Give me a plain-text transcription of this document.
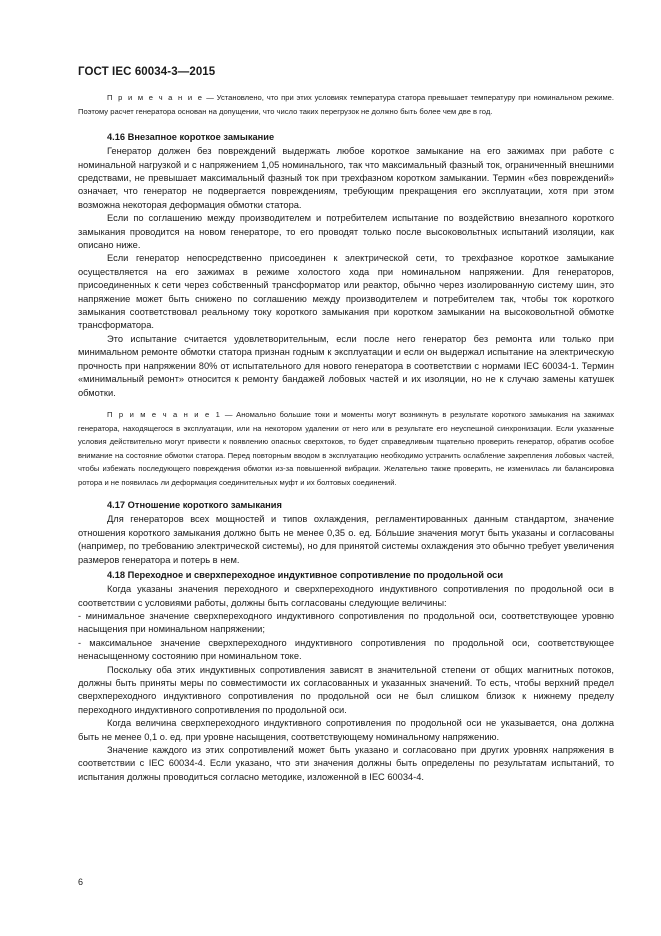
ГОСТ IEC 60034-3—2015

П р и м е ч а н и е — Установлено, что при этих условиях температура статора превышает температуру при номинальном режиме. Поэтому расчет генератора основан на допущении, что число таких перегрузок не должно быть более чем две в год.

4.16 Внезапное короткое замыкание

Генератор должен без повреждений выдержать любое короткое замыкание на его зажимах при работе с номинальной нагрузкой и с напряжением 1,05 номинального, так что максимальный фазный ток, ограниченный внешними средствами, не превышает максимальный фазный ток при трехфазном коротком замыкании. Термин «без повреждений» означает, что генератор не подвергается повреждениям, требующим прекращения его эксплуатации, хотя при этом возможна некоторая деформация обмотки статора.

Если по соглашению между производителем и потребителем испытание по воздействию внезапного короткого замыкания проводится на новом генераторе, то его проводят только после высоковольтных испытаний изоляции, как описано ниже.

Если генератор непосредственно присоединен к электрической сети, то трехфазное короткое замыкание осуществляется на его зажимах в режиме холостого хода при номинальном напряжении. Для генераторов, присоединенных к сети через собственный трансформатор или реактор, обычно через изолированную систему шин, это напряжение может быть снижено по соглашению между производителем и потребителем так, чтобы ток короткого замыкания соответствовал реальному току короткого замыкания при коротком замыкании на высоковольтной обмотке трансформатора.

Это испытание считается удовлетворительным, если после него генератор без ремонта или только при минимальном ремонте обмотки статора признан годным к эксплуатации и если он выдержал испытание на электрическую прочность при напряжении 80% от испытательного для нового генератора в соответствии с нормами IEC 60034-1. Термин «минимальный ремонт» относится к ремонту бандажей лобовых частей и их изоляции, но не к случаю замены катушек обмотки.

П р и м е ч а н и е 1 — Аномально большие токи и моменты могут возникнуть в результате короткого замыкания на зажимах генератора, находящегося в эксплуатации, или на некотором удалении от него или в результате его неуспешной синхронизации. Если указанные условия действительно могут привести к появлению опасных сверхтоков, то будет справедливым тщательно проверить генератор, обратив особое внимание на состояние обмотки статора. Перед повторным вводом в эксплуатацию необходимо устранить ослабление закрепления лобовых частей, чтобы избежать последующего повреждения обмотки из-за повышенной вибрации. Желательно также проверить, не изменилась ли балансировка ротора и не появилась ли деформация соединительных муфт и их болтовых соединений.

4.17 Отношение короткого замыкания

Для генераторов всех мощностей и типов охлаждения, регламентированных данным стандартом, значение отношения короткого замыкания должно быть не менее 0,35 о. ед. Бóльшие значения могут быть указаны и согласованы (например, по требованию электрической системы), но для принятой системы охлаждения это обычно требует увеличения размеров генератора и потерь в нем.

4.18 Переходное и сверхпереходное индуктивное сопротивление по продольной оси

Когда указаны значения переходного и сверхпереходного индуктивного сопротивления по продольной оси в соответствии с условиями работы, должны быть согласованы следующие величины:

- минимальное значение сверхпереходного индуктивного сопротивления по продольной оси, соответствующее уровню насыщения при номинальном напряжении;

- максимальное значение сверхпереходного индуктивного сопротивления по продольной оси, соответствующее ненасыщенному состоянию при номинальном токе.

Поскольку оба этих индуктивных сопротивления зависят в значительной степени от общих магнитных потоков, должны быть приняты меры по совместимости их согласованных и указанных значений. То есть, чтобы верхний предел сверхпереходного индуктивного сопротивления по продольной оси не был слишком близок к нижнему пределу переходного индуктивного сопротивления по продольной оси.

Когда величина сверхпереходного индуктивного сопротивления по продольной оси не указывается, она должна быть не менее 0,1 о. ед. при уровне насыщения, соответствующему номинальному напряжению.

Значение каждого из этих сопротивлений может быть указано и согласовано при других уровнях напряжения в соответствии с IEC 60034-4. Если указано, что эти значения должны быть определены по результатам испытаний, то испытания должны проводиться согласно методике, изложенной в IEC 60034-4.

6
